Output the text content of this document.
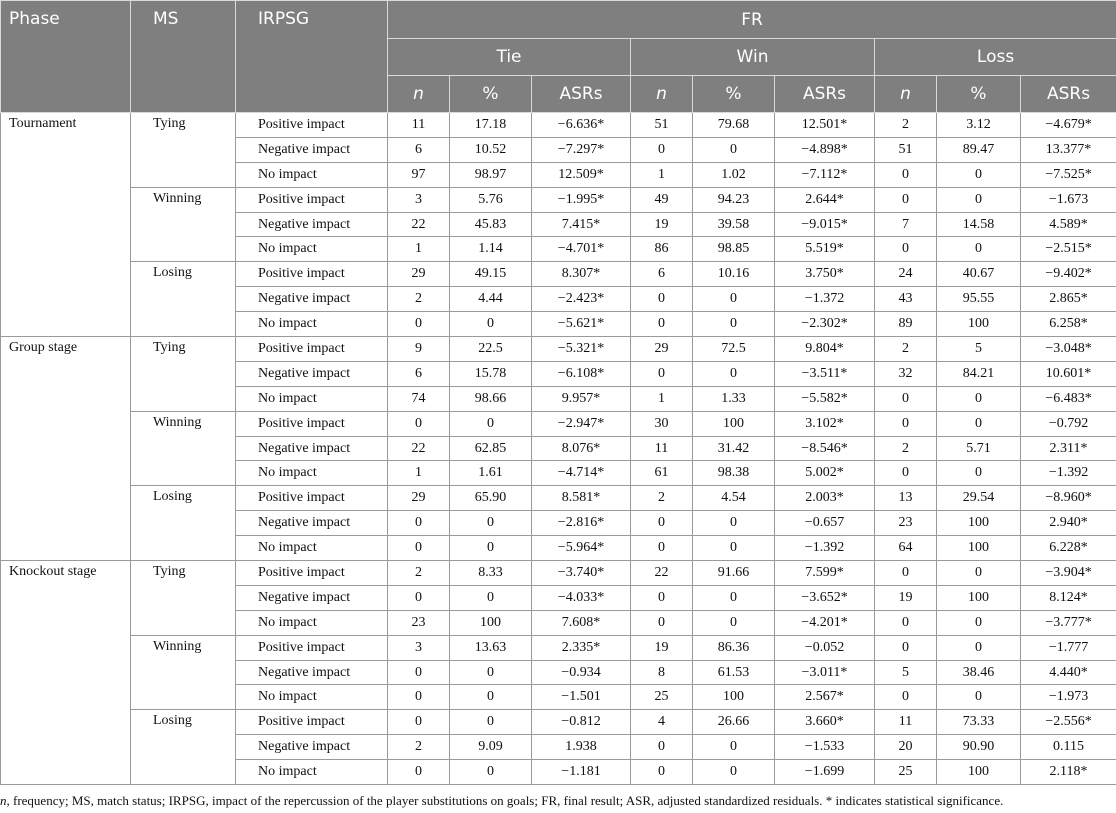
Phase	MS	IRPSG	FR								
			Tie			Win			Loss		
			n	%	ASRs	n	%	ASRs	n	%	ASRs
Tournament	Tying	Positive impact	11	17.18	−6.636*	51	79.68	12.501*	2	3.12	−4.679*
		Negative impact	6	10.52	−7.297*	0	0	−4.898*	51	89.47	13.377*
		No impact	97	98.97	12.509*	1	1.02	−7.112*	0	0	−7.525*
	Winning	Positive impact	3	5.76	−1.995*	49	94.23	2.644*	0	0	−1.673
		Negative impact	22	45.83	7.415*	19	39.58	−9.015*	7	14.58	4.589*
		No impact	1	1.14	−4.701*	86	98.85	5.519*	0	0	−2.515*
	Losing	Positive impact	29	49.15	8.307*	6	10.16	3.750*	24	40.67	−9.402*
		Negative impact	2	4.44	−2.423*	0	0	−1.372	43	95.55	2.865*
		No impact	0	0	−5.621*	0	0	−2.302*	89	100	6.258*
Group stage	Tying	Positive impact	9	22.5	−5.321*	29	72.5	9.804*	2	5	−3.048*
		Negative impact	6	15.78	−6.108*	0	0	−3.511*	32	84.21	10.601*
		No impact	74	98.66	9.957*	1	1.33	−5.582*	0	0	−6.483*
	Winning	Positive impact	0	0	−2.947*	30	100	3.102*	0	0	−0.792
		Negative impact	22	62.85	8.076*	11	31.42	−8.546*	2	5.71	2.311*
		No impact	1	1.61	−4.714*	61	98.38	5.002*	0	0	−1.392
	Losing	Positive impact	29	65.90	8.581*	2	4.54	2.003*	13	29.54	−8.960*
		Negative impact	0	0	−2.816*	0	0	−0.657	23	100	2.940*
		No impact	0	0	−5.964*	0	0	−1.392	64	100	6.228*
Knockout stage	Tying	Positive impact	2	8.33	−3.740*	22	91.66	7.599*	0	0	−3.904*
		Negative impact	0	0	−4.033*	0	0	−3.652*	19	100	8.124*
		No impact	23	100	7.608*	0	0	−4.201*	0	0	−3.777*
	Winning	Positive impact	3	13.63	2.335*	19	86.36	−0.052	0	0	−1.777
		Negative impact	0	0	−0.934	8	61.53	−3.011*	5	38.46	4.440*
		No impact	0	0	−1.501	25	100	2.567*	0	0	−1.973
	Losing	Positive impact	0	0	−0.812	4	26.66	3.660*	11	73.33	−2.556*
		Negative impact	2	9.09	1.938	0	0	−1.533	20	90.90	0.115
		No impact	0	0	−1.181	0	0	−1.699	25	100	2.118*
n, frequency; MS, match status; IRPSG, impact of the repercussion of the player substitutions on goals; FR, final result; ASR, adjusted standardized residuals. * indicates statistical significance.
